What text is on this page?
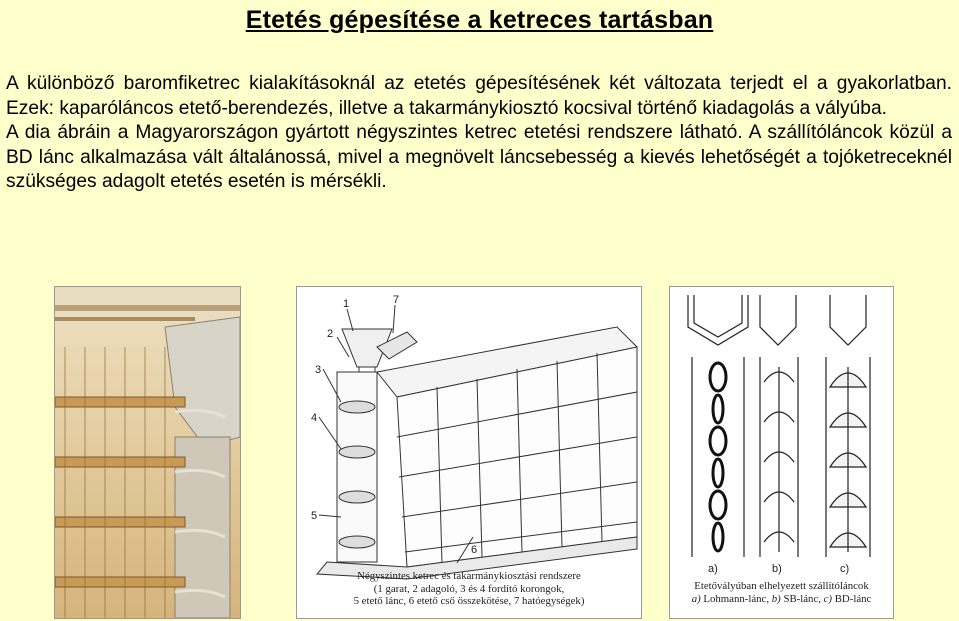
Etetés gépesítése a ketreces tartásban

A különböző baromfiketrec kialakításoknál az etetés gépesítésének két változata terjedt el a gyakorlatban. Ezek: kaparóláncos etető-berendezés, illetve a takarmánykiosztó kocsival történő kiadagolás a vályúba.

A dia ábráin a Magyarországon gyártott négyszintes ketrec etetési rendszere látható. A szállítóláncok közül a BD lánc alkalmazása vált általánossá, mivel a megnövelt láncsebesség a kievés lehetőségét a tojóketreceknél szükséges adagolt etetés esetén is mérsékli.

1	7
2
3
4
5
6
Négyszintes ketrec és takarmánykiosztási rendszere
(1 garat, 2 adagoló, 3 és 4 fordító korongok,
5 etető lánc, 6 etető cső összekötése, 7 hatóegységek)
a)	b)	c)
Etetővályúban elhelyezett szállítóláncok
a) Lohmann-lánc, b) SB-lánc, c) BD-lánc
